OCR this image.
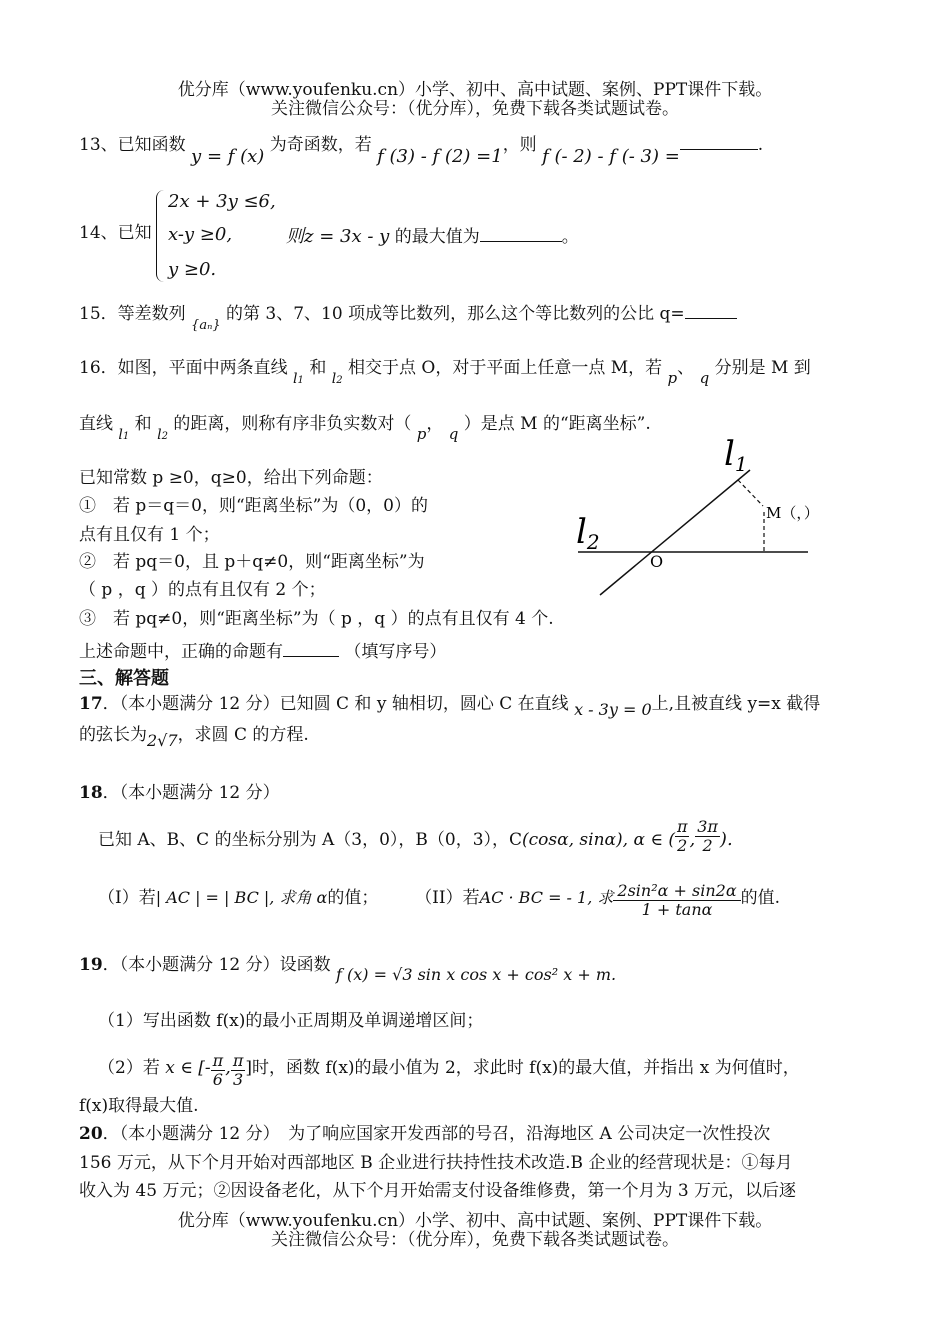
优分库（www.youfenku.cn）小学、初中、高中试题、案例、PPT课件下载。
关注微信公众号：（优分库），免费下载各类试题试卷。
13、已知函数 y = f (x) 为奇函数，若 f (3) - f (2) =1，则 f (- 2) - f (- 3) =.
14、已知
2x + 3y ≤6,
x-y ≥0,
y ≥0.
则z = 3x - y 的最大值为	。
15．等差数列 $_{\{a_n\}}$ 的第 3、7、10 项成等比数列，那么这个等比数列的公比 q=
16．如图，平面中两条直线 $_{l1}$ 和 $_{l2}$ 相交于点 O，对于平面上任意一点 M，若 p、 q 分别是 M 到
直线 $_{l1}$ 和 $_{l2}$ 的距离，则称有序非负实数对（ p， q ）是点 M 的“距离坐标”.
已知常数 p ≥0，q≥0，给出下列命题：
①　若 p＝q＝0，则“距离坐标”为（0，0）的
点有且仅有 1 个；
②　若 pq＝0，且 p＋q≠0，则“距离坐标”为
（ p ，q ）的点有且仅有 2 个；
③　若 pq≠0，则“距离坐标”为（ p ，q ）的点有且仅有 4 个.
上述命题中，正确的命题有	（填写序号）
l1
l2
O
M（，）
三、解答题
17．（本小题满分 12 分）已知圆 C 和 y 轴相切，圆心 C 在直线 x - 3y = 0上,且被直线 y=x 截得
的弦长为2√7，求圆 C 的方程.
18．（本小题满分 12 分）
已知 A、B、C 的坐标分别为 A（3，0），B（0，3），C(cosα, sinα), α ∈ ( $\frac{\pi}{2}$ , $\frac{3\pi}{2}$ ).
（I）若| AC | = | BC |, 求角 α的值； （II）若AC · BC = - 1, 求 $\frac{\text{2sin²α + sin2α}}{1 + \tan\alpha}$ 的值.
19．（本小题满分 12 分）设函数 f (x) = √3 sin x cos x + cos² x + m.
（1）写出函数 f(x)的最小正周期及单调递增区间；
（2）若 x ∈ [- $\frac{\pi}{6}$ , $\frac{\pi}{3}$ ]时，函数 f(x)的最小值为 2，求此时 f(x)的最大值，并指出 x 为何值时，
f(x)取得最大值.
20．（本小题满分 12 分）　为了响应国家开发西部的号召，沿海地区 A 公司决定一次性投次
156 万元，从下个月开始对西部地区 B 企业进行扶持性技术改造.B 企业的经营现状是：①每月
收入为 45 万元；②因设备老化，从下个月开始需支付设备维修费，第一个月为 3 万元，以后逐
优分库（www.youfenku.cn）小学、初中、高中试题、案例、PPT课件下载。
关注微信公众号：（优分库），免费下载各类试题试卷。
